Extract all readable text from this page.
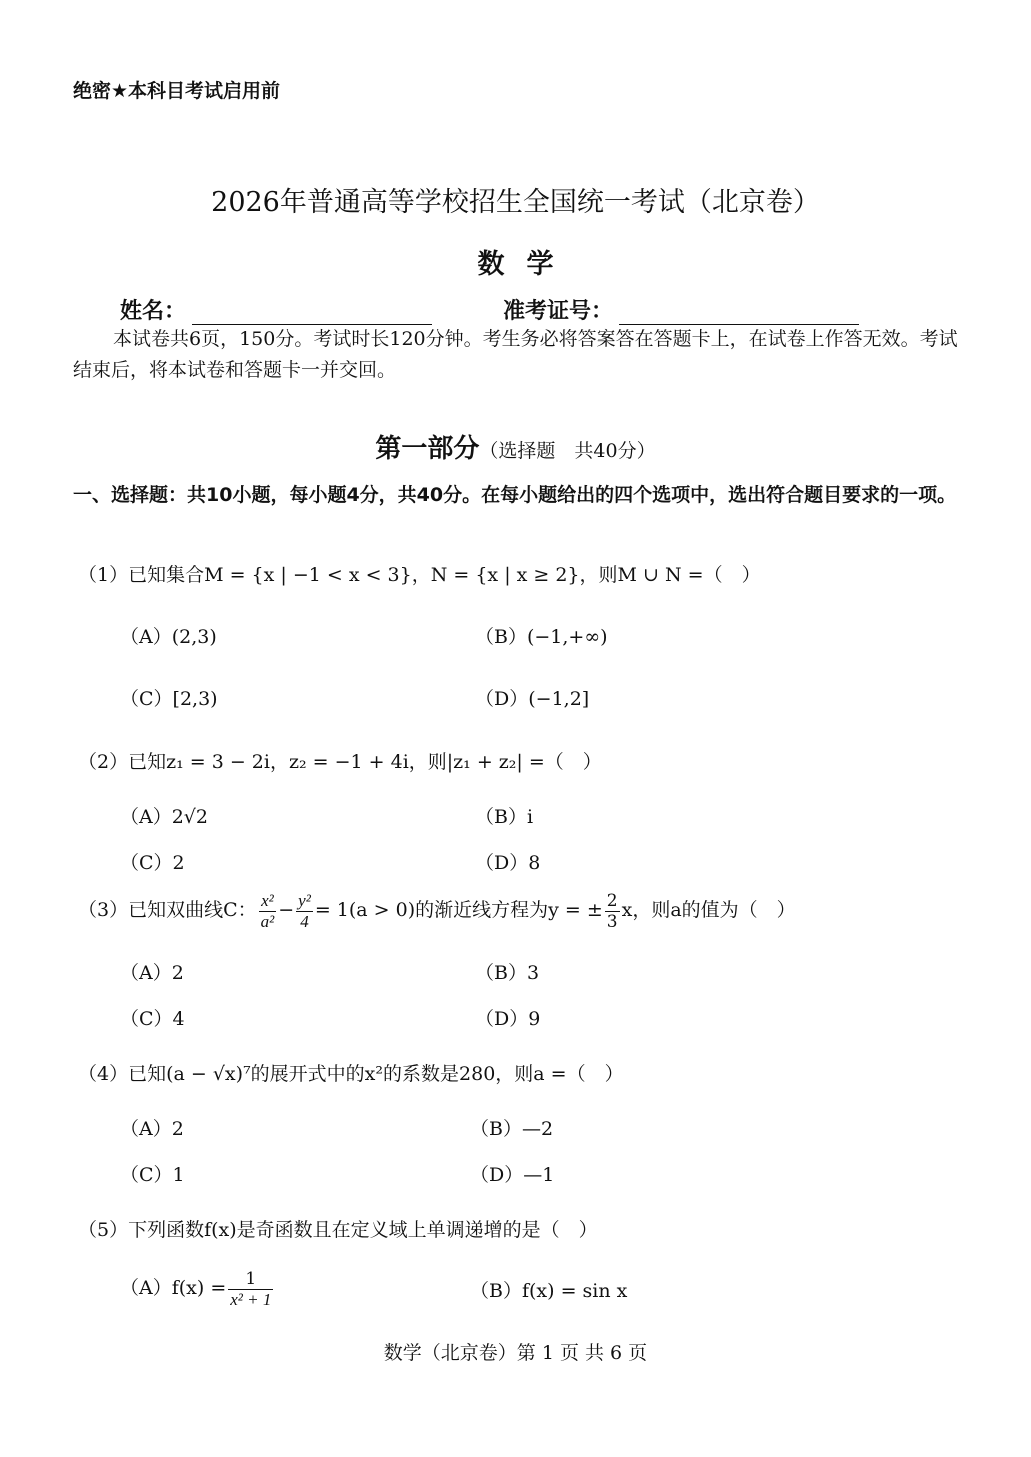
绝密★本科目考试启用前
2026年普通高等学校招生全国统一考试（北京卷）
数学
姓名：	准考证号：
本试卷共6页，150分。考试时长120分钟。考生务必将答案答在答题卡上，在试卷上作答无效。考试结束后，将本试卷和答题卡一并交回。
第一部分（选择题　共40分）
一、选择题：共10小题，每小题4分，共40分。在每小题给出的四个选项中，选出符合题目要求的一项。
（1）已知集合M = {x | −1 < x < 3}，N = {x | x ≥ 2}，则M ∪ N =（　）
（A）(2,3)	（B）(−1,+∞)
（C）[2,3)	（D）(−1,2]
（2）已知z₁ = 3 − 2i，z₂ = −1 + 4i，则|z₁ + z₂| =（　）
（A）2√2	（B）i
（C）2	（D）8
（3）已知双曲线C： $\frac{\text{x²}}{\text{a²}} - \frac{\text{y²}}{4} = 1(a > 0)$的渐近线方程为y = ± $\frac{2}{3}$ x，则a的值为（　）
（A）2	（B）3
（C）4	（D）9
（4）已知(a − √x)⁷的展开式中的x²的系数是280，则a =（　）
（A）2	（B）—2
（C）1	（D）—1
（5）下列函数f(x)是奇函数且在定义域上单调递增的是（　）
$(A)f(x) = \frac{1}{\text{x² + 1}}$	（B）f(x) = sin x
数学（北京卷）第 1 页 共 6 页
